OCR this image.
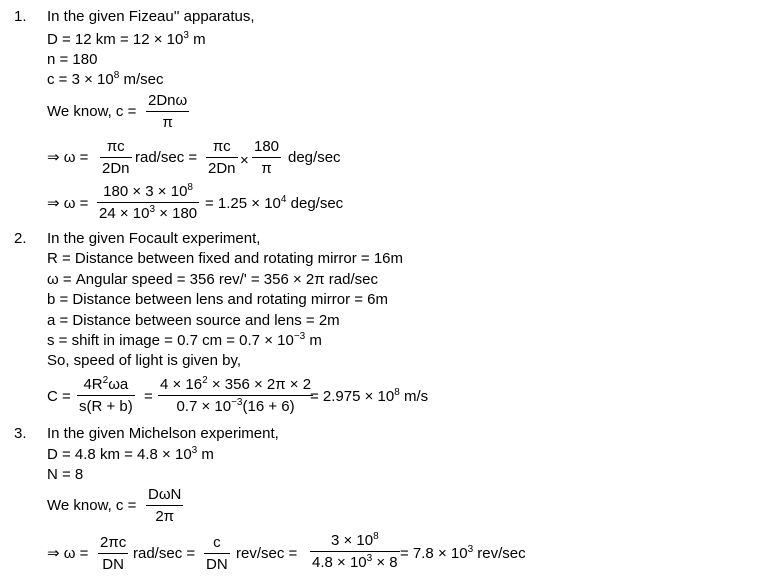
1. In the given Fizeau'' apparatus,
D = 12 km = $12 \times 10^3$ m
n = 180
$c = 3 \times 10^8$ m/sec
We know, c =
2Dnω
π
⇒ ω =
πc
2Dn
rad/sec =
πc
2Dn ×
180
π
deg/sec
⇒ ω =
$180 \times 3 \times 10^8$
$24 \times 10^3 \times 180$
= $1.25 \times 10^4$ deg/sec
2. In the given Focault experiment,
R = Distance between fixed and rotating mirror = 16m
ω = Angular speed = 356 rev/' = 356 × 2π rad/sec
b = Distance between lens and rotating mirror = 6m
a = Distance between source and lens = 2m
s = shift in image = 0.7 cm = $0.7 \times 10^{-3}$ m
So, speed of light is given by,
C =
$4R^2\omega a$
s(R + b)
=
$4 \times 16^2 \times 356 \times 2\pi \times 2$
$0.7 \times 10^{-3}(16 + 6)$
= $2.975 \times 10^8$ m/s
3. In the given Michelson experiment,
D = 4.8 km = $4.8 \times 10^3$ m
N = 8
We know, c =
DωN
2π
⇒ ω =
2πc
DN
rad/sec =
c
DN
rev/sec =
$3 \times 10^8$
$4.8 \times 10^3 \times 8$
= $7.8 \times 10^3$ rev/sec
